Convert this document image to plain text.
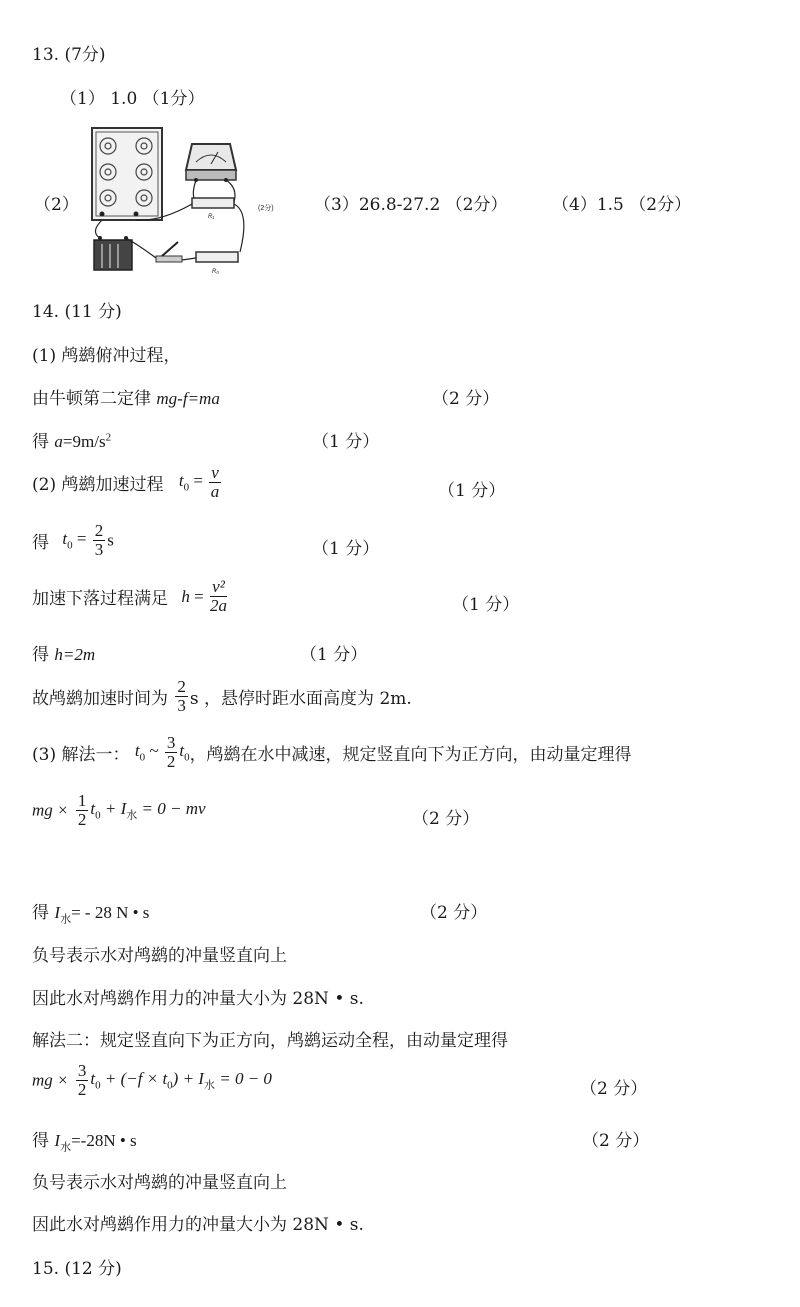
13. (7分)
（1） 1.0 （1分）
（2）
R₁
R₀
(2分) （3）26.8-27.2 （2分）	（4）1.5 （2分）
14. (11 分)
(1) 鸬鹚俯冲过程，
由牛顿第二定律 mg-f=ma	（2 分）
得 $a=9m/s^2$	（1 分）
(2) 鸬鹚加速过程 $t_0 = \frac{v}{a}$	（1 分）
得 $t_0 = \frac{2}{3}$ s	（1 分）
加速下落过程满足 $h = \frac{\text{v²}}{2a}$	（1 分）
得 h=2m	（1 分）
故鸬鹚加速时间为 $\frac{2}{3}$ s ，悬停时距水面高度为 2m.
(3) 解法一： $t_0$ ~ $\frac{3}{2} t_0$，鸬鹚在水中减速，规定竖直向下为正方向，由动量定理得
mg × $\frac{1}{2} t_0 + I_水 = 0$ − mv
（2 分）
得 $I_水= - 28$ N • s	（2 分）
负号表示水对鸬鹚的冲量竖直向上
因此水对鸬鹚作用力的冲量大小为 28N • s.
解法二：规定竖直向下为正方向，鸬鹚运动全程，由动量定理得
mg × $\frac{3}{2} t_0 + (-f \times t_0) + I_水 = 0 - 0$
（2 分）
得 $I_水=-28N$ • s	（2 分）
负号表示水对鸬鹚的冲量竖直向上
因此水对鸬鹚作用力的冲量大小为 28N • s.
15. (12 分)
